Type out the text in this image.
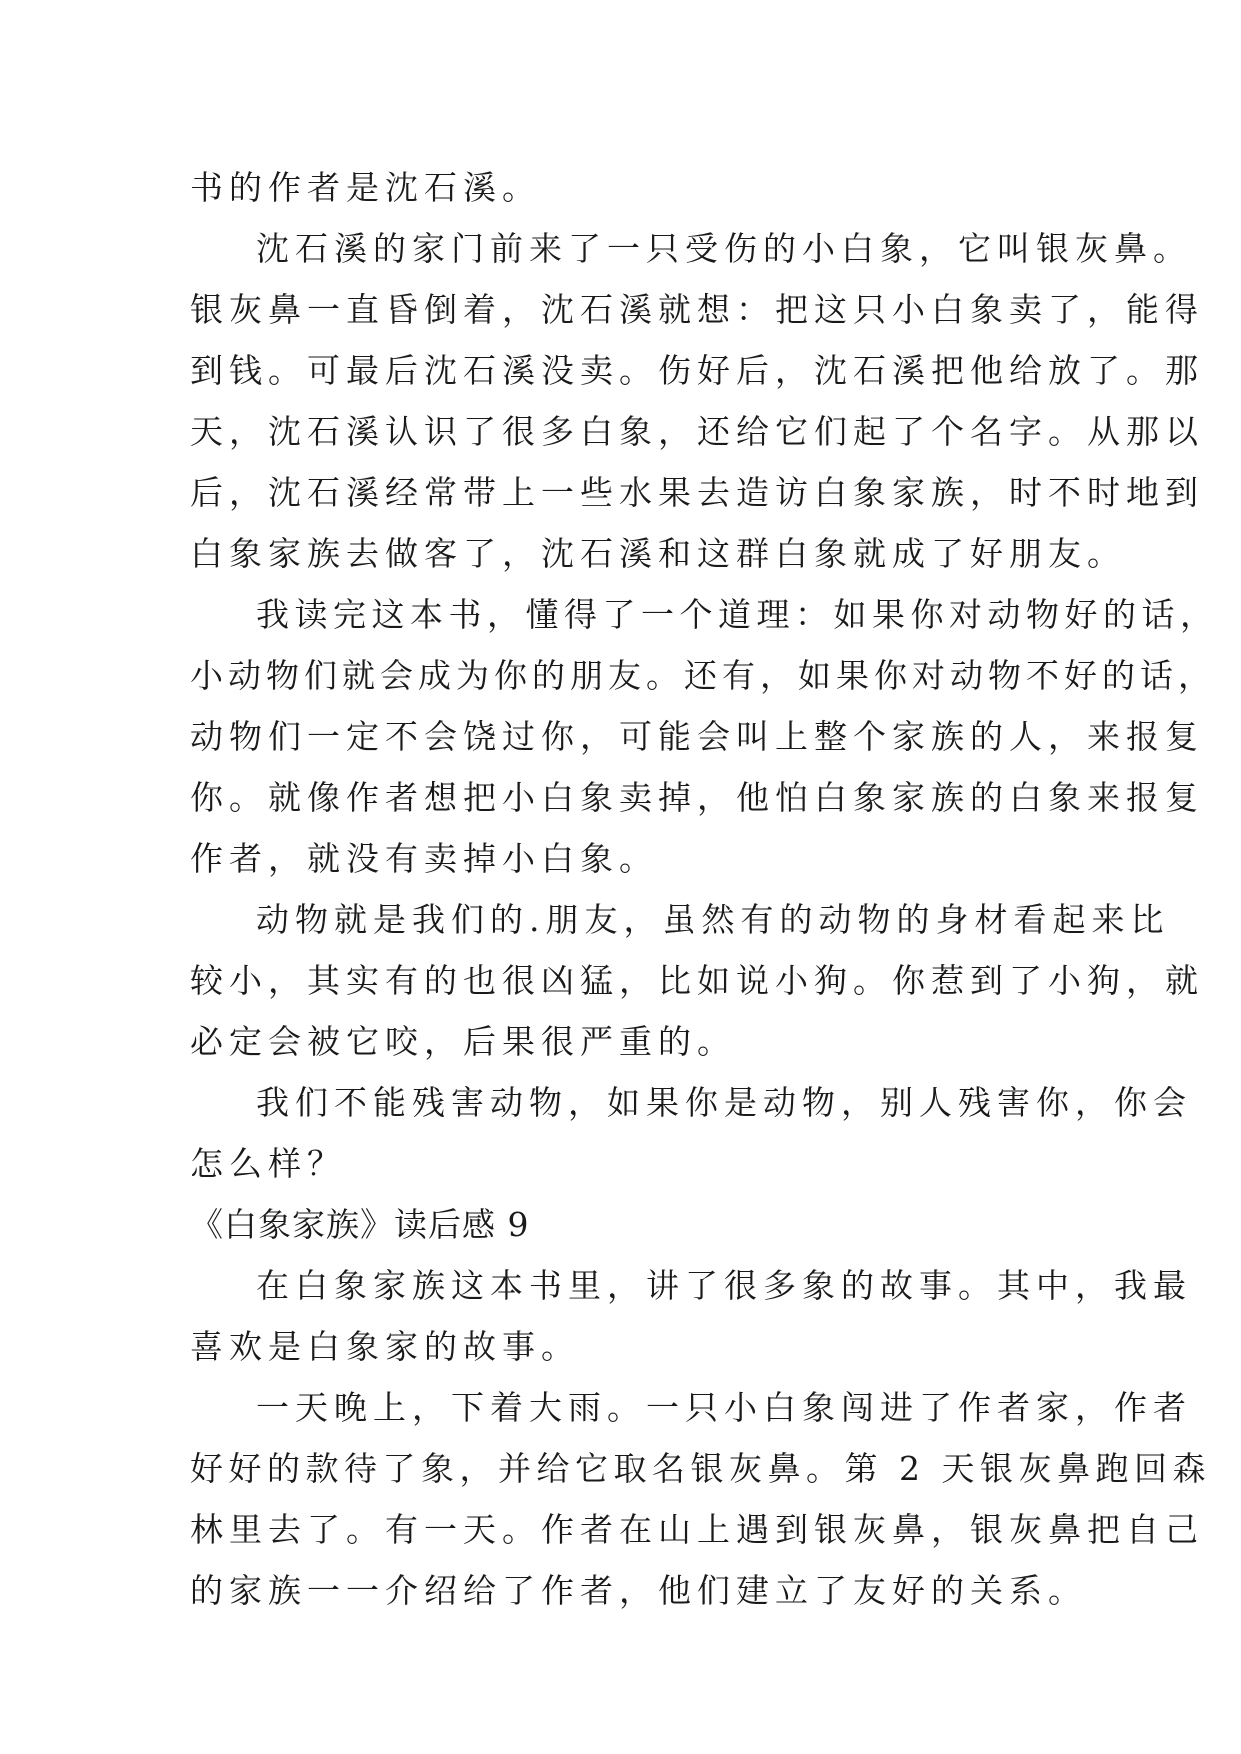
书的作者是沈石溪。
沈石溪的家门前来了一只受伤的小白象，它叫银灰鼻。
银灰鼻一直昏倒着，沈石溪就想：把这只小白象卖了，能得
到钱。可最后沈石溪没卖。伤好后，沈石溪把他给放了。那
天，沈石溪认识了很多白象，还给它们起了个名字。从那以
后，沈石溪经常带上一些水果去造访白象家族，时不时地到
白象家族去做客了，沈石溪和这群白象就成了好朋友。
我读完这本书，懂得了一个道理：如果你对动物好的话，
小动物们就会成为你的朋友。还有，如果你对动物不好的话，
动物们一定不会饶过你，可能会叫上整个家族的人，来报复
你。就像作者想把小白象卖掉，他怕白象家族的白象来报复
作者，就没有卖掉小白象。
动物就是我们的.朋友，虽然有的动物的身材看起来比
较小，其实有的也很凶猛，比如说小狗。你惹到了小狗，就
必定会被它咬，后果很严重的。
我们不能残害动物，如果你是动物，别人残害你，你会
怎么样？
《白象家族》读后感 9
在白象家族这本书里，讲了很多象的故事。其中，我最
喜欢是白象家的故事。
一天晚上，下着大雨。一只小白象闯进了作者家，作者
好好的款待了象，并给它取名银灰鼻。第 2 天银灰鼻跑回森
林里去了。有一天。作者在山上遇到银灰鼻，银灰鼻把自己
的家族一一介绍给了作者，他们建立了友好的关系。
